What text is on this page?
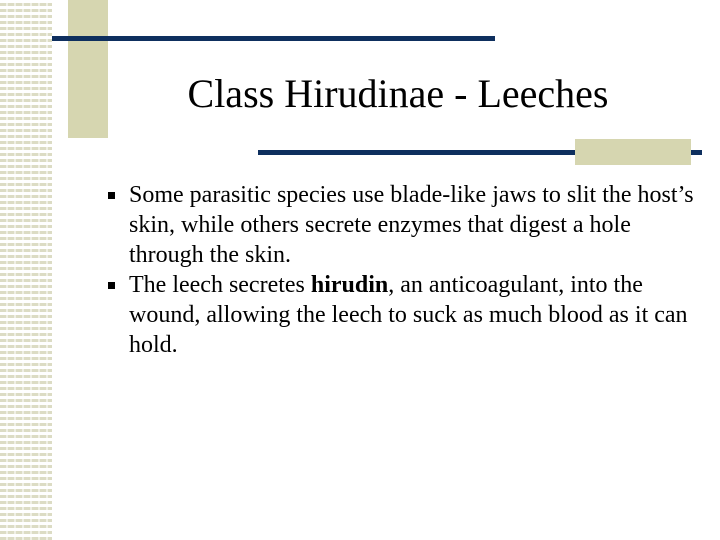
Class Hirudinae - Leeches
Some parasitic species use blade-like jaws to slit the host’s skin, while others secrete enzymes that digest a hole through the skin.
The leech secretes hirudin, an anticoagulant, into the wound, allowing the leech to suck as much blood as it can hold.
